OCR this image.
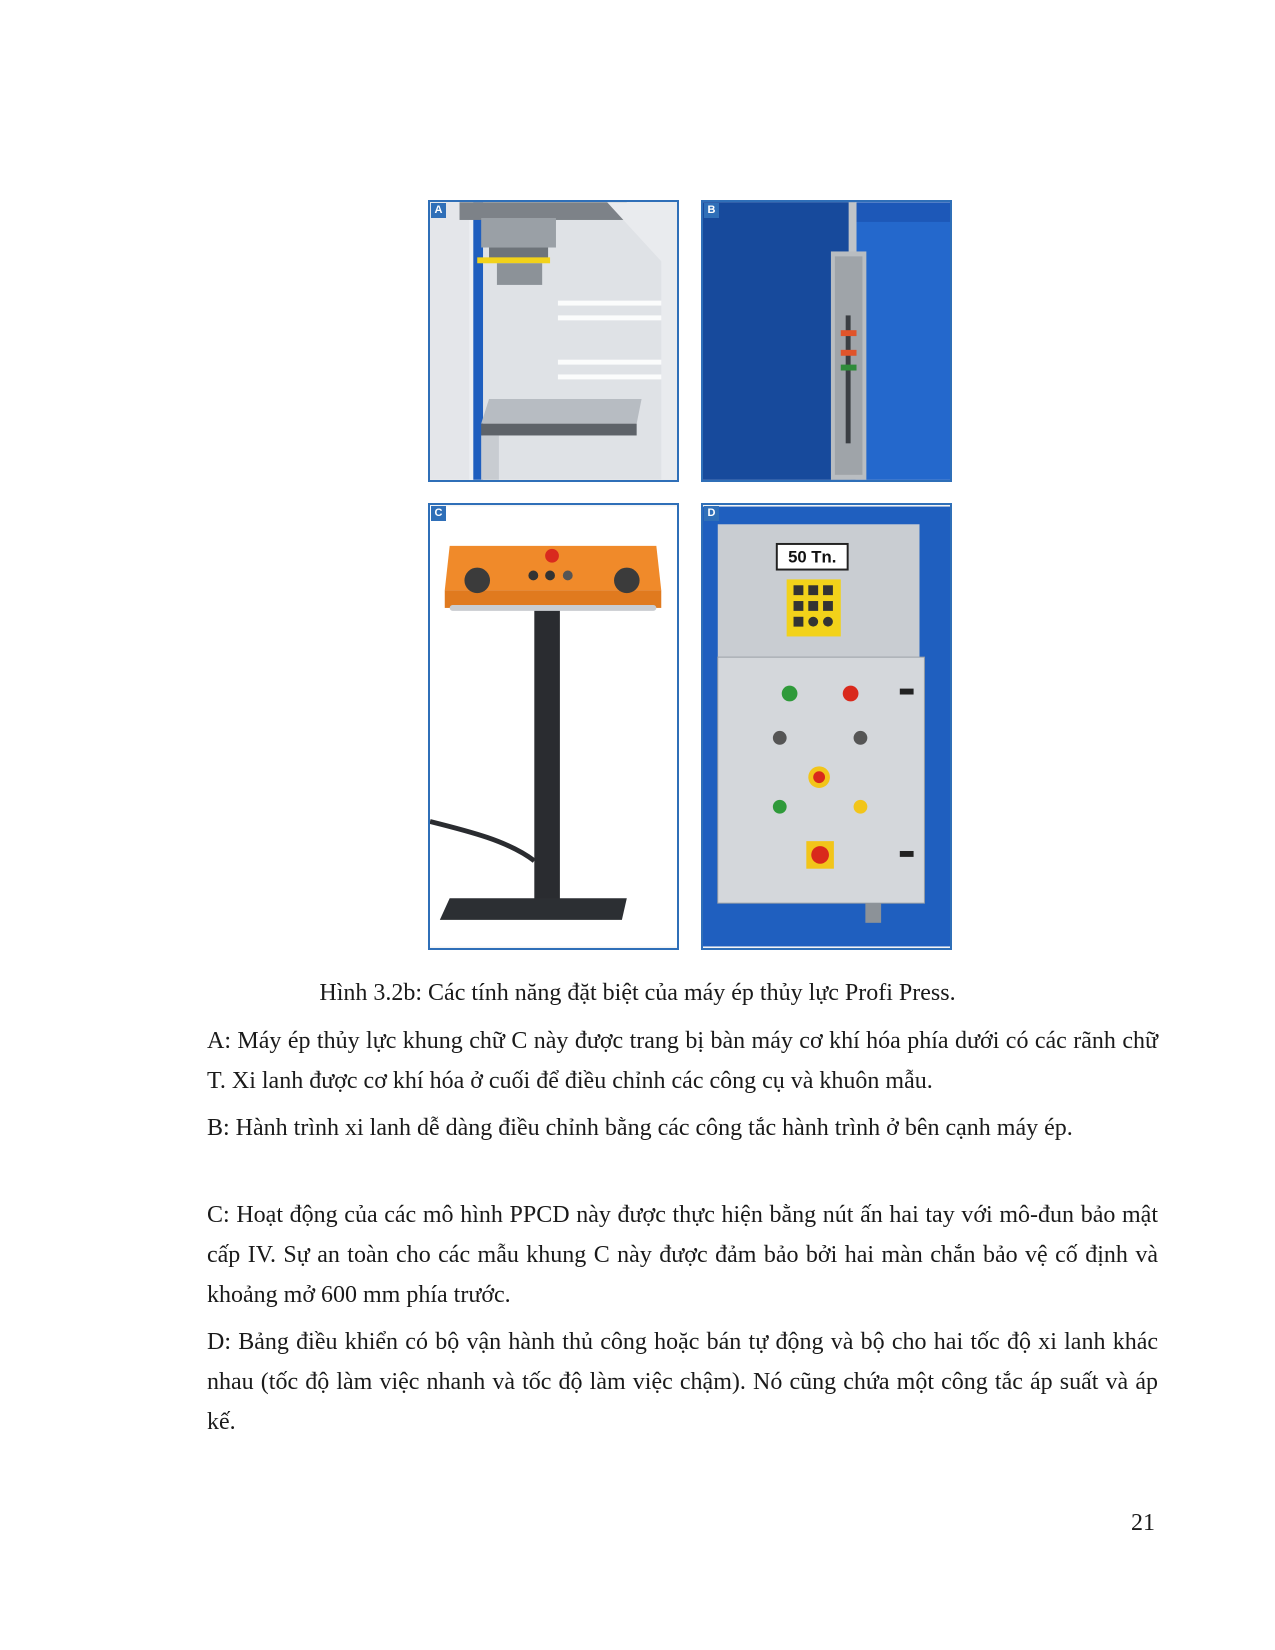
A	B
C	D
50 Tn.
Hình 3.2b: Các tính năng đặt biệt của máy ép thủy lực Profi Press.

A: Máy ép thủy lực khung chữ C này được trang bị bàn máy cơ khí hóa phía dưới có các rãnh chữ T. Xi lanh được cơ khí hóa ở cuối để điều chỉnh các công cụ và khuôn mẫu.

B: Hành trình xi lanh dễ dàng điều chỉnh bằng các công tắc hành trình ở bên cạnh máy ép.

C: Hoạt động của các mô hình PPCD này được thực hiện bằng nút ấn hai tay với mô-đun bảo mật cấp IV. Sự an toàn cho các mẫu khung C này được đảm bảo bởi hai màn chắn bảo vệ cố định và khoảng mở 600 mm phía trước.

D: Bảng điều khiển có bộ vận hành thủ công hoặc bán tự động và bộ cho hai tốc độ xi lanh khác nhau (tốc độ làm việc nhanh và tốc độ làm việc chậm). Nó cũng chứa một công tắc áp suất và áp kế.

21
